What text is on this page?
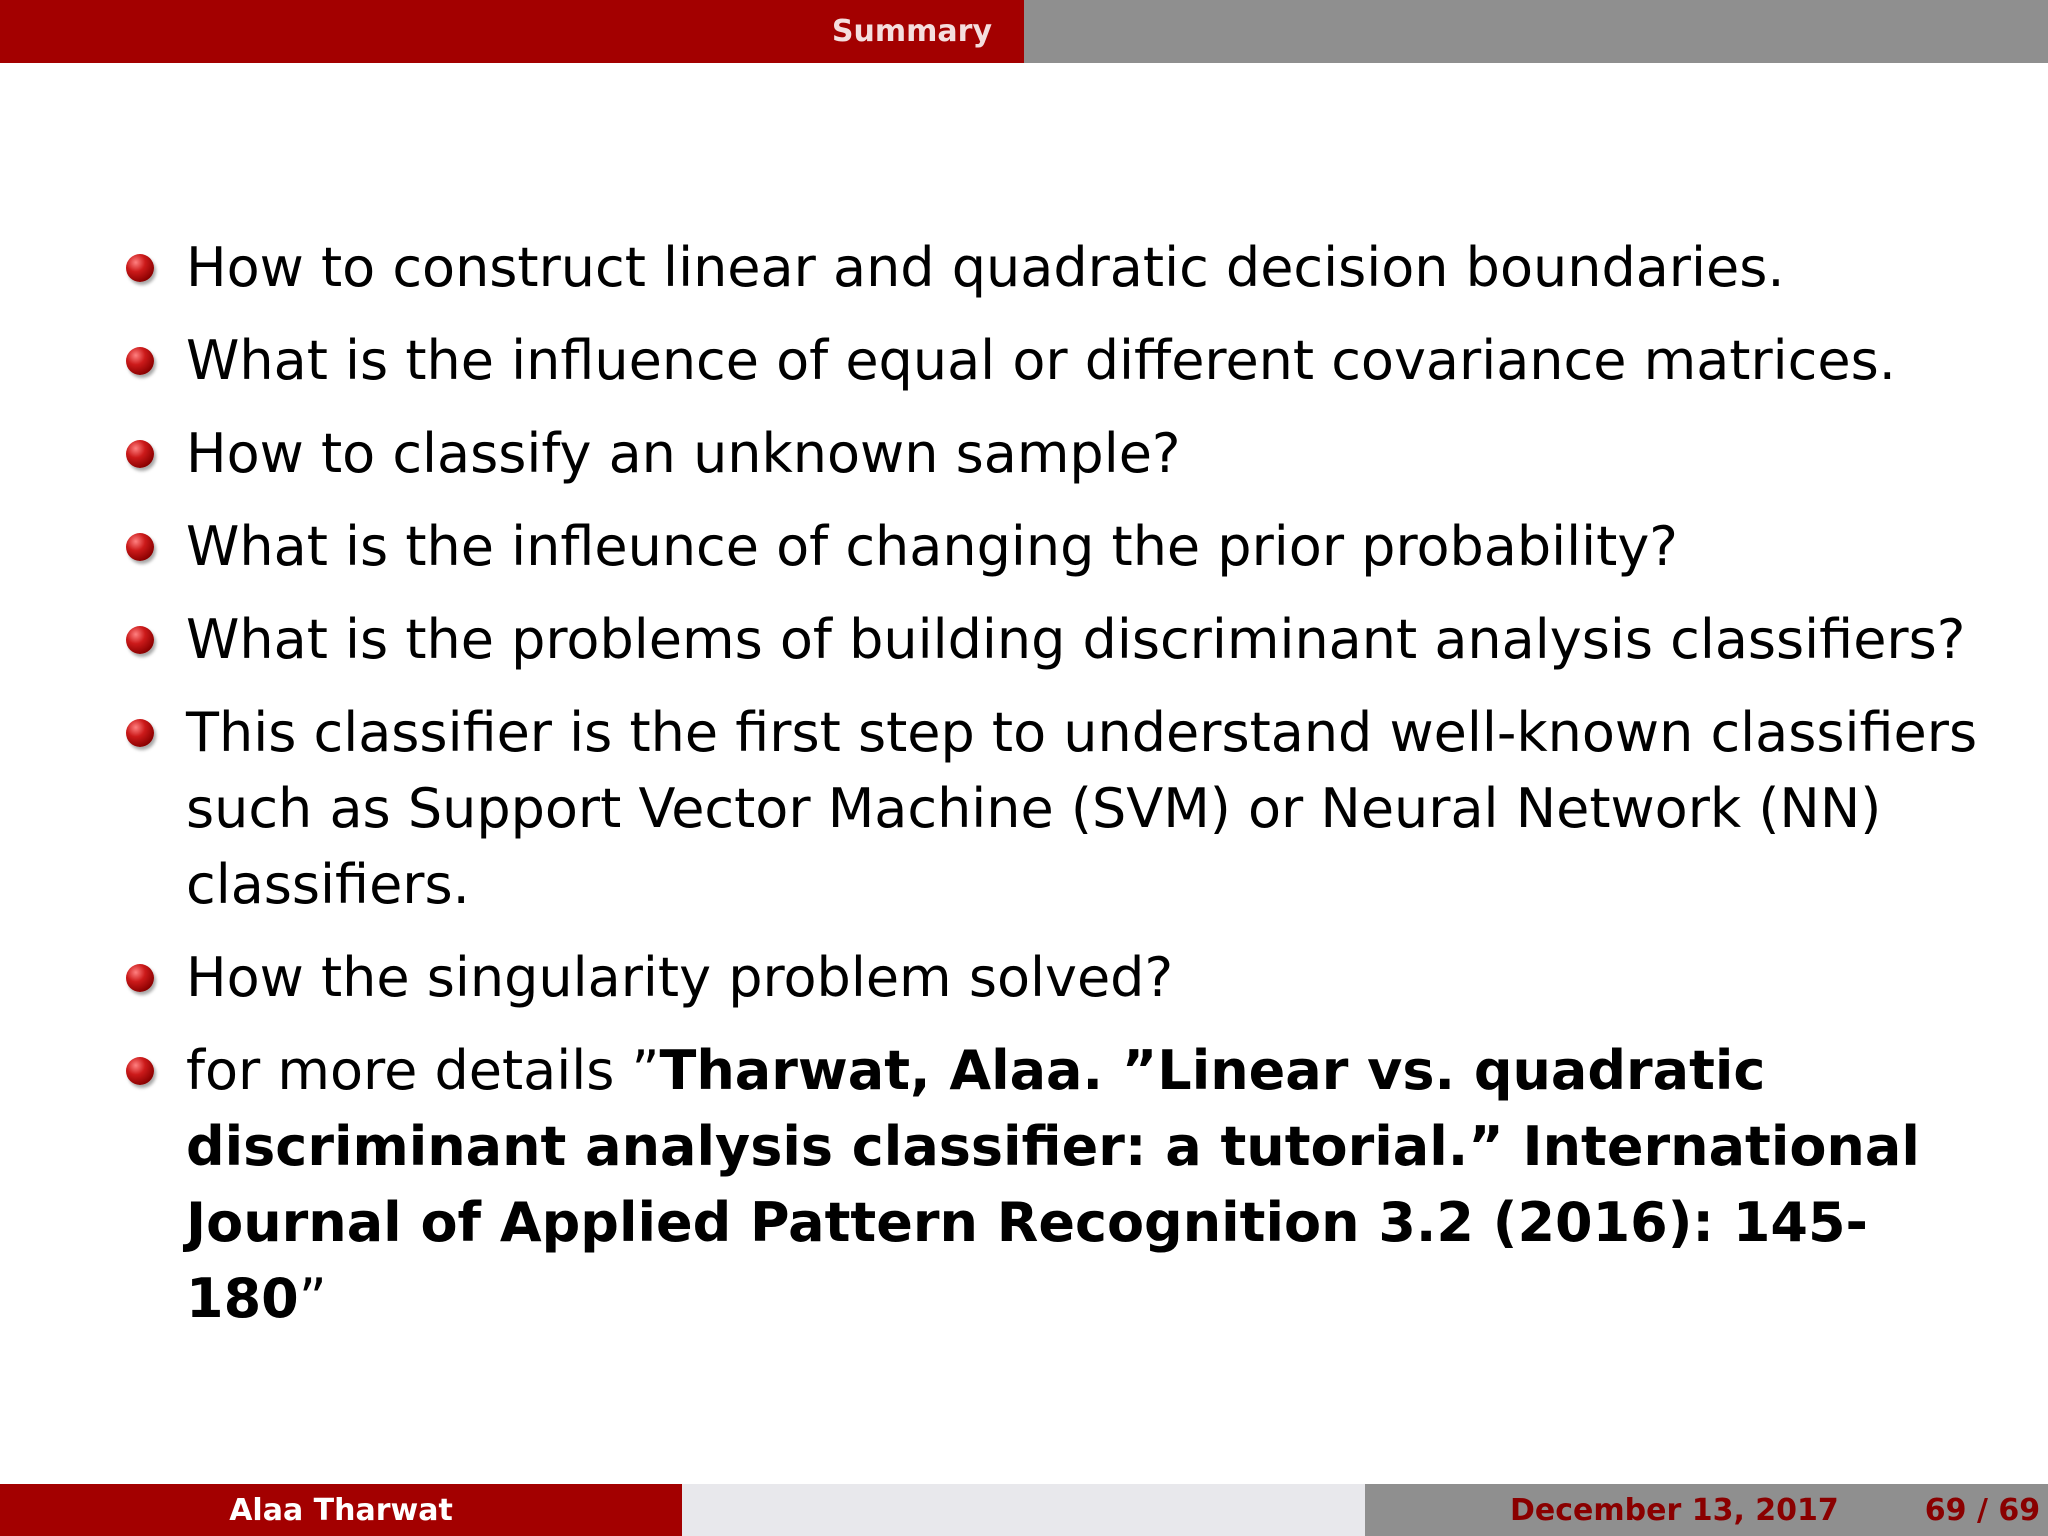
Summary
How to construct linear and quadratic decision boundaries.
What is the influence of equal or different covariance matrices.
How to classify an unknown sample?
What is the infleunce of changing the prior probability?
What is the problems of building discriminant analysis classifiers?
This classifier is the first step to understand well-known classifiers such as Support Vector Machine (SVM) or Neural Network (NN) classifiers.
How the singularity problem solved?
for more details ”Tharwat, Alaa. ”Linear vs. quadratic discriminant analysis classifier: a tutorial.” International Journal of Applied Pattern Recognition 3.2 (2016): 145-180”
Alaa Tharwat	December 13, 2017	69 / 69
